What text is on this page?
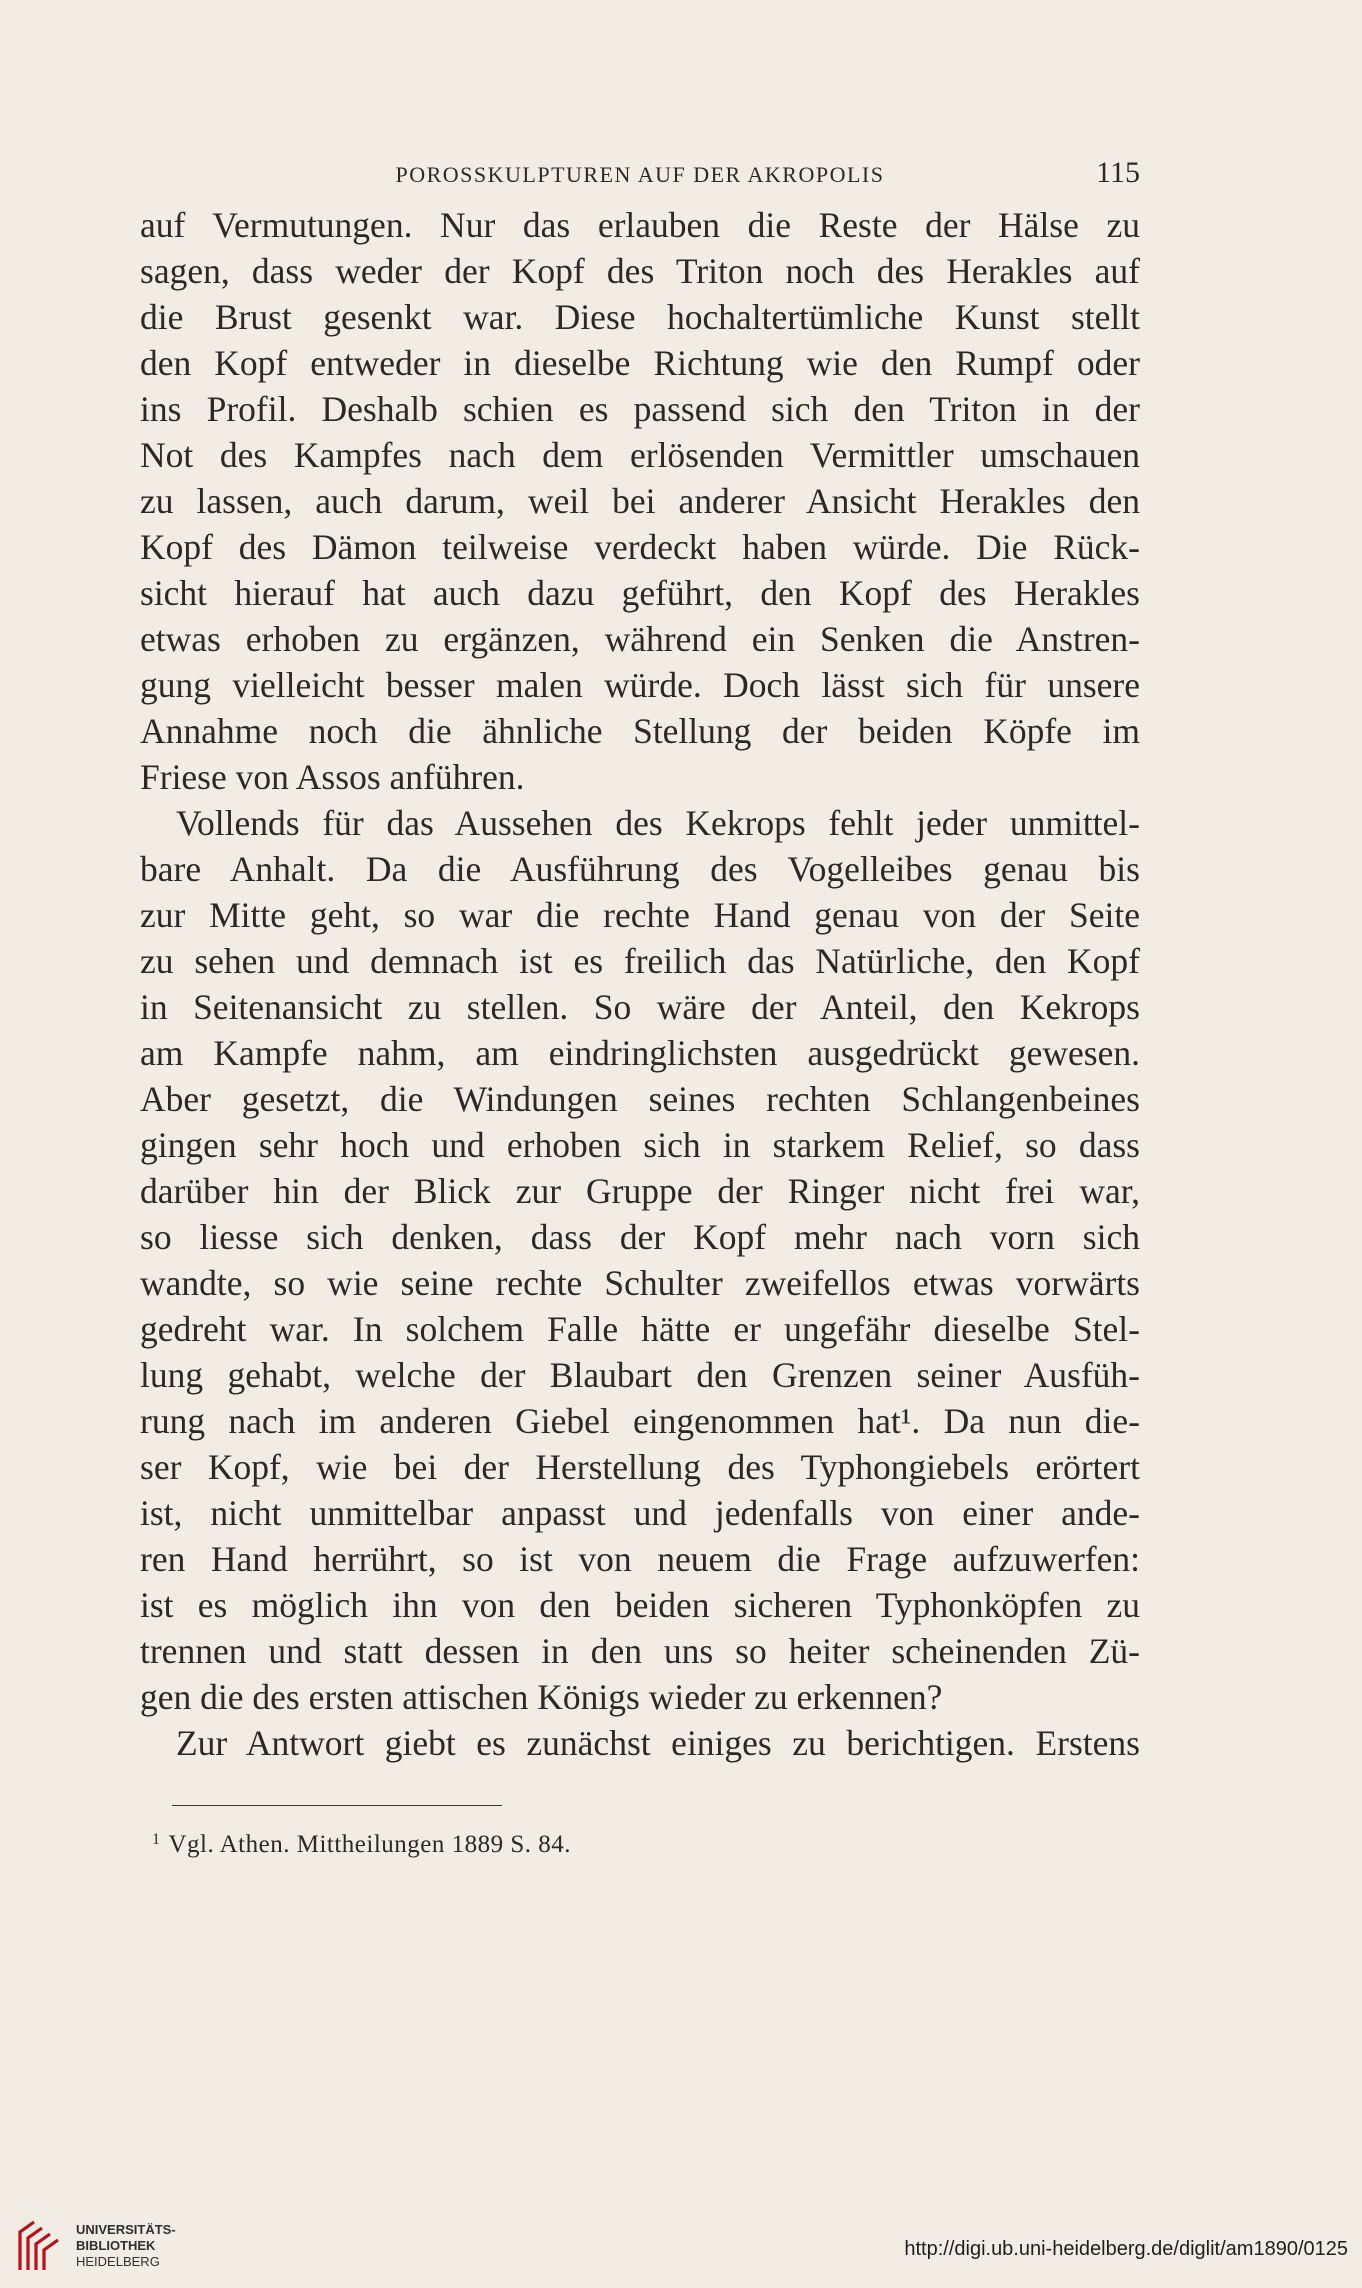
POROSSKULPTUREN AUF DER AKROPOLIS	115
auf Vermutungen. Nur das erlauben die Reste der Hälse zu
sagen, dass weder der Kopf des Triton noch des Herakles auf
die Brust gesenkt war. Diese hochaltertümliche Kunst stellt
den Kopf entweder in dieselbe Richtung wie den Rumpf oder
ins Profil. Deshalb schien es passend sich den Triton in der
Not des Kampfes nach dem erlösenden Vermittler umschauen
zu lassen, auch darum, weil bei anderer Ansicht Herakles den
Kopf des Dämon teilweise verdeckt haben würde. Die Rück-
sicht hierauf hat auch dazu geführt, den Kopf des Herakles
etwas erhoben zu ergänzen, während ein Senken die Anstren-
gung vielleicht besser malen würde. Doch lässt sich für unsere
Annahme noch die ähnliche Stellung der beiden Köpfe im
Friese von Assos anführen.
Vollends für das Aussehen des Kekrops fehlt jeder unmittel-
bare Anhalt. Da die Ausführung des Vogelleibes genau bis
zur Mitte geht, so war die rechte Hand genau von der Seite
zu sehen und demnach ist es freilich das Natürliche, den Kopf
in Seitenansicht zu stellen. So wäre der Anteil, den Kekrops
am Kampfe nahm, am eindringlichsten ausgedrückt gewesen.
Aber gesetzt, die Windungen seines rechten Schlangenbeines
gingen sehr hoch und erhoben sich in starkem Relief, so dass
darüber hin der Blick zur Gruppe der Ringer nicht frei war,
so liesse sich denken, dass der Kopf mehr nach vorn sich
wandte, so wie seine rechte Schulter zweifellos etwas vorwärts
gedreht war. In solchem Falle hätte er ungefähr dieselbe Stel-
lung gehabt, welche der Blaubart den Grenzen seiner Ausfüh-
rung nach im anderen Giebel eingenommen hat¹. Da nun die-
ser Kopf, wie bei der Herstellung des Typhongiebels erörtert
ist, nicht unmittelbar anpasst und jedenfalls von einer ande-
ren Hand herrührt, so ist von neuem die Frage aufzuwerfen:
ist es möglich ihn von den beiden sicheren Typhonköpfen zu
trennen und statt dessen in den uns so heiter scheinenden Zü-
gen die des ersten attischen Königs wieder zu erkennen?
Zur Antwort giebt es zunächst einiges zu berichtigen. Erstens
$^1$ Vgl. Athen. Mittheilungen 1889 S. 84.
UNIVERSITÄTS-
BIBLIOTHEK
HEIDELBERG
http://digi.ub.uni-heidelberg.de/diglit/am1890/0125
